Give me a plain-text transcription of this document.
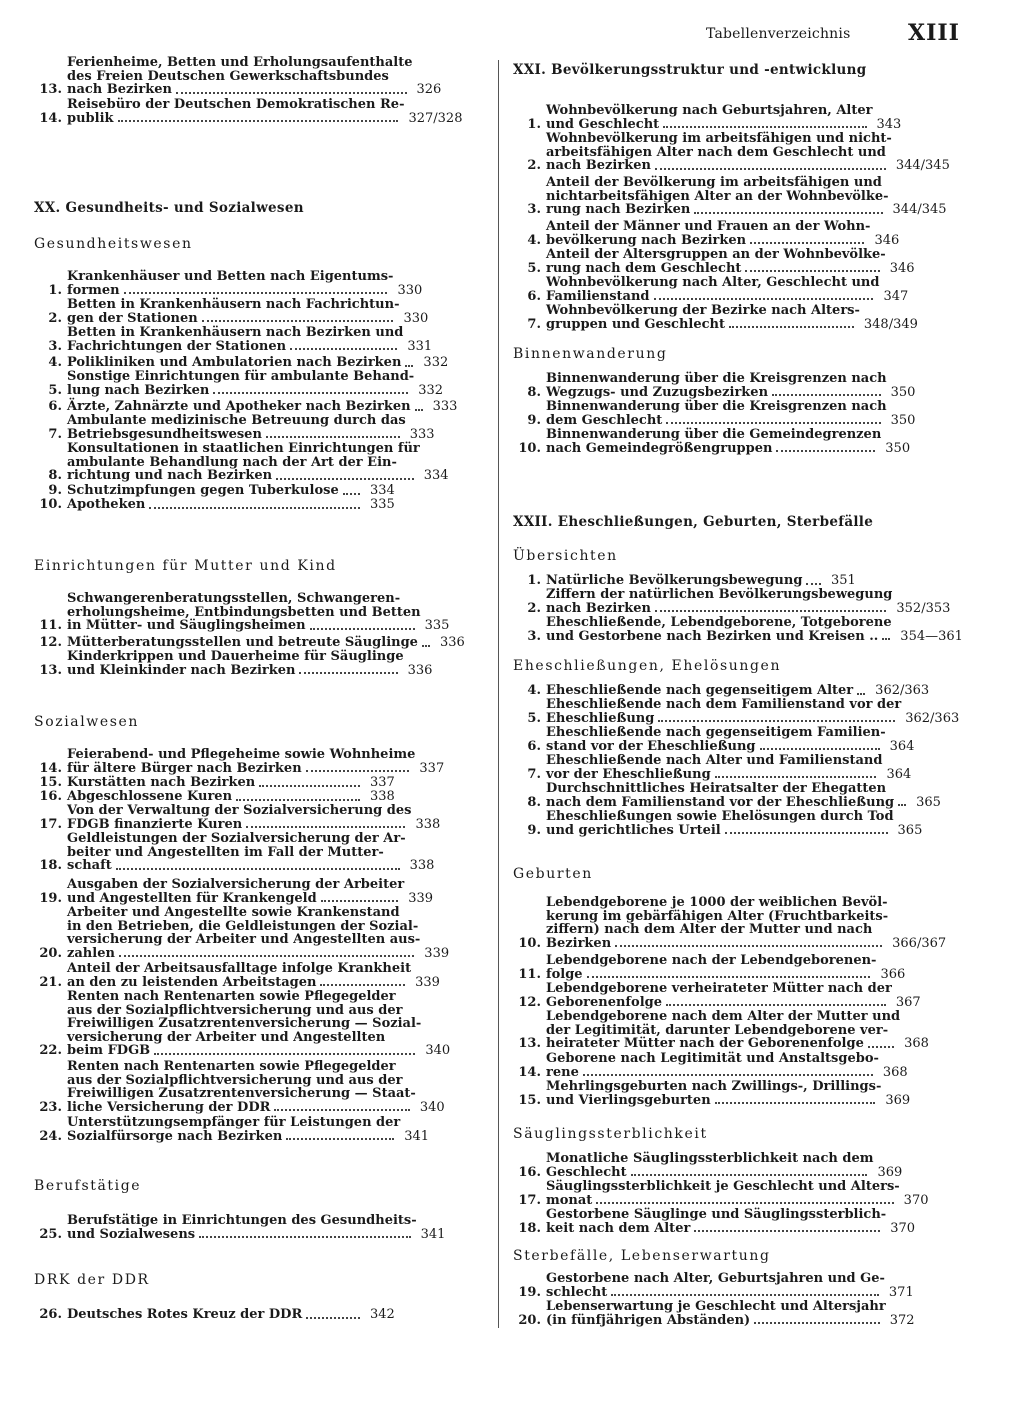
Tabellenverzeichnis	XIII
13.
Ferienheime, Betten und Erholungsaufenthalte
des Freien Deutschen Gewerkschaftsbundes
nach Bezirken	326
14.
Reisebüro der Deutschen Demokratischen Re-
publik	327/328
XX. Gesundheits- und Sozialwesen
Gesundheitswesen
1.
Krankenhäuser und Betten nach Eigentums-
formen	330
2.
Betten in Krankenhäusern nach Fachrichtun-
gen der Stationen	330
3.
Betten in Krankenhäusern nach Bezirken und
Fachrichtungen der Stationen	331
4. Polikliniken und Ambulatorien nach Bezirken	332
5.
Sonstige Einrichtungen für ambulante Behand-
lung nach Bezirken	332
6. Ärzte, Zahnärzte und Apotheker nach Bezirken	333
7.
Ambulante medizinische Betreuung durch das
Betriebsgesundheitswesen	333
8.
Konsultationen in staatlichen Einrichtungen für
ambulante Behandlung nach der Art der Ein-
richtung und nach Bezirken	334
9. Schutzimpfungen gegen Tuberkulose	334
10. Apotheken	335
Einrichtungen für Mutter und Kind
11.
Schwangerenberatungsstellen, Schwangeren-
erholungsheime, Entbindungsbetten und Betten
in Mütter- und Säuglingsheimen	335
12. Mütterberatungsstellen und betreute Säuglinge	336
13.
Kinderkrippen und Dauerheime für Säuglinge
und Kleinkinder nach Bezirken	336
Sozialwesen
14.
Feierabend- und Pflegeheime sowie Wohnheime
für ältere Bürger nach Bezirken	337
15. Kurstätten nach Bezirken	337
16. Abgeschlossene Kuren	338
17.
Von der Verwaltung der Sozialversicherung des
FDGB finanzierte Kuren	338
18.
Geldleistungen der Sozialversicherung der Ar-
beiter und Angestellten im Fall der Mutter-
schaft	338
19.
Ausgaben der Sozialversicherung der Arbeiter
und Angestellten für Krankengeld	339
20.
Arbeiter und Angestellte sowie Krankenstand
in den Betrieben, die Geldleistungen der Sozial-
versicherung der Arbeiter und Angestellten aus-
zahlen	339
21.
Anteil der Arbeitsausfalltage infolge Krankheit
an den zu leistenden Arbeitstagen	339
22.
Renten nach Rentenarten sowie Pflegegelder
aus der Sozialpflichtversicherung und aus der
Freiwilligen Zusatzrentenversicherung — Sozial-
versicherung der Arbeiter und Angestellten
beim FDGB	340
23.
Renten nach Rentenarten sowie Pflegegelder
aus der Sozialpflichtversicherung und aus der
Freiwilligen Zusatzrentenversicherung — Staat-
liche Versicherung der DDR	340
24.
Unterstützungsempfänger für Leistungen der
Sozialfürsorge nach Bezirken	341
Berufstätige
25.
Berufstätige in Einrichtungen des Gesundheits-
und Sozialwesens	341
DRK der DDR
26. Deutsches Rotes Kreuz der DDR	342
XXI. Bevölkerungsstruktur und -entwicklung
1.
Wohnbevölkerung nach Geburtsjahren, Alter
und Geschlecht	343
2.
Wohnbevölkerung im arbeitsfähigen und nicht-
arbeitsfähigen Alter nach dem Geschlecht und
nach Bezirken	344/345
3.
Anteil der Bevölkerung im arbeitsfähigen und
nichtarbeitsfähigen Alter an der Wohnbevölke-
rung nach Bezirken	344/345
4.
Anteil der Männer und Frauen an der Wohn-
bevölkerung nach Bezirken	346
5.
Anteil der Altersgruppen an der Wohnbevölke-
rung nach dem Geschlecht	346
6.
Wohnbevölkerung nach Alter, Geschlecht und
Familienstand	347
7.
Wohnbevölkerung der Bezirke nach Alters-
gruppen und Geschlecht	348/349
Binnenwanderung
8.
Binnenwanderung über die Kreisgrenzen nach
Wegzugs- und Zuzugsbezirken	350
9.
Binnenwanderung über die Kreisgrenzen nach
dem Geschlecht	350
10.
Binnenwanderung über die Gemeindegrenzen
nach Gemeindegrößengruppen	350
XXII. Eheschließungen, Geburten, Sterbefälle
Übersichten
1. Natürliche Bevölkerungsbewegung	351
2.
Ziffern der natürlichen Bevölkerungsbewegung
nach Bezirken	352/353
3.
Eheschließende, Lebendgeborene, Totgeborene
und Gestorbene nach Bezirken und Kreisen ..	354—361
Eheschließungen, Ehelösungen
4. Eheschließende nach gegenseitigem Alter	362/363
5.
Eheschließende nach dem Familienstand vor der
Eheschließung	362/363
6.
Eheschließende nach gegenseitigem Familien-
stand vor der Eheschließung	364
7.
Eheschließende nach Alter und Familienstand
vor der Eheschließung	364
8.
Durchschnittliches Heiratsalter der Ehegatten
nach dem Familienstand vor der Eheschließung	365
9.
Eheschließungen sowie Ehelösungen durch Tod
und gerichtliches Urteil	365
Geburten
10.
Lebendgeborene je 1000 der weiblichen Bevöl-
kerung im gebärfähigen Alter (Fruchtbarkeits-
ziffern) nach dem Alter der Mutter und nach
Bezirken	366/367
11.
Lebendgeborene nach der Lebendgeborenen-
folge	366
12.
Lebendgeborene verheirateter Mütter nach der
Geborenenfolge	367
13.
Lebendgeborene nach dem Alter der Mutter und
der Legitimität, darunter Lebendgeborene ver-
heirateter Mütter nach der Geborenenfolge	368
14.
Geborene nach Legitimität und Anstaltsgebo-
rene	368
15.
Mehrlingsgeburten nach Zwillings-, Drillings-
und Vierlingsgeburten	369
Säuglingssterblichkeit
16.
Monatliche Säuglingssterblichkeit nach dem
Geschlecht	369
17.
Säuglingssterblichkeit je Geschlecht und Alters-
monat	370
18.
Gestorbene Säuglinge und Säuglingssterblich-
keit nach dem Alter	370
Sterbefälle, Lebenserwartung
19.
Gestorbene nach Alter, Geburtsjahren und Ge-
schlecht	371
20.
Lebenserwartung je Geschlecht und Altersjahr
(in fünfjährigen Abständen)	372
